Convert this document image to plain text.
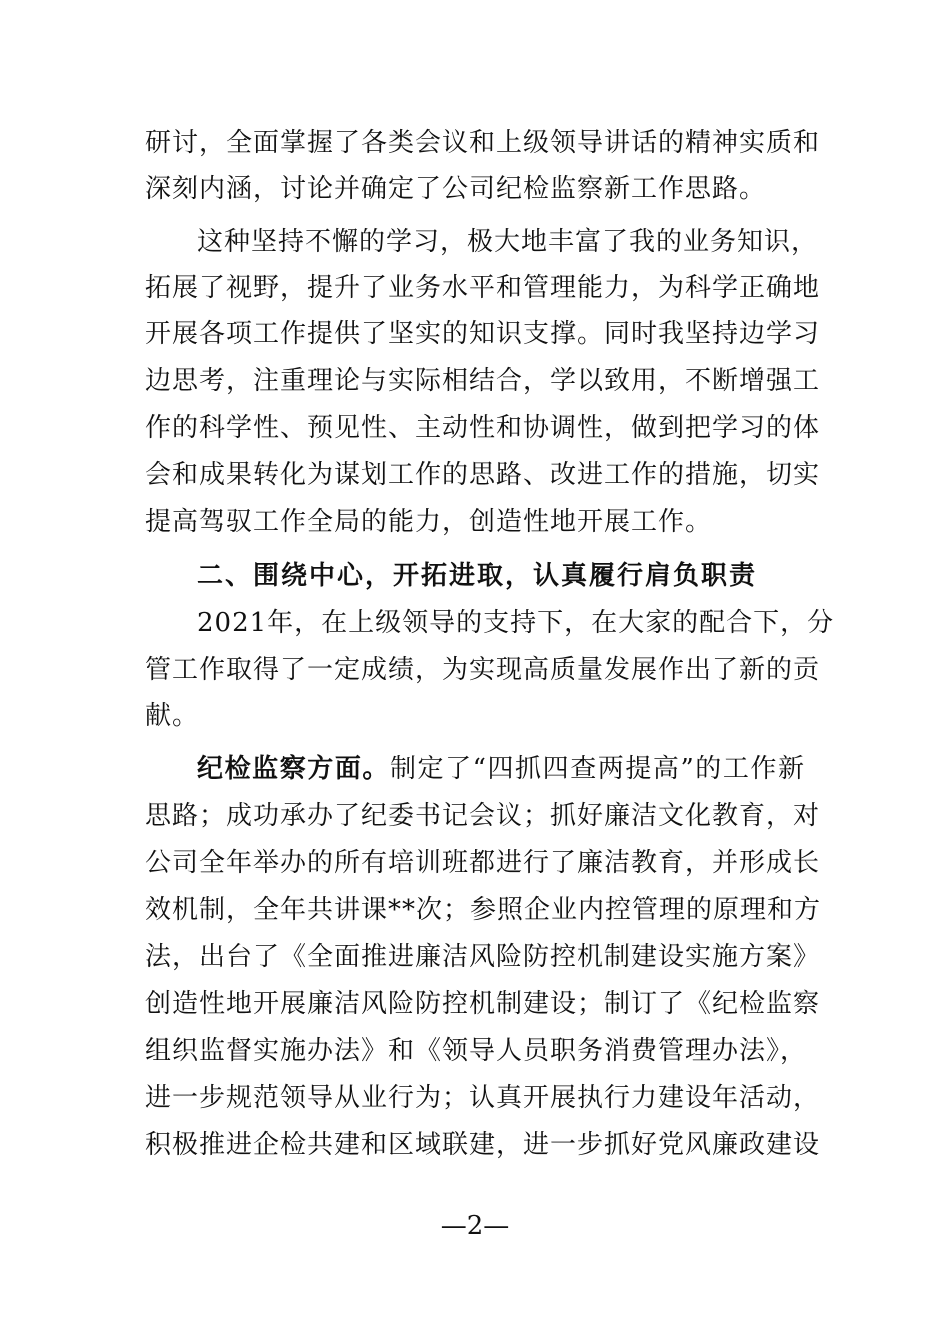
研讨，全面掌握了各类会议和上级领导讲话的精神实质和
深刻内涵，讨论并确定了公司纪检监察新工作思路。
这种坚持不懈的学习，极大地丰富了我的业务知识，
拓展了视野，提升了业务水平和管理能力，为科学正确地
开展各项工作提供了坚实的知识支撑。同时我坚持边学习
边思考，注重理论与实际相结合，学以致用，不断增强工
作的科学性、预见性、主动性和协调性，做到把学习的体
会和成果转化为谋划工作的思路、改进工作的措施，切实
提高驾驭工作全局的能力，创造性地开展工作。
二、围绕中心，开拓进取，认真履行肩负职责
2021年，在上级领导的支持下，在大家的配合下，分
管工作取得了一定成绩，为实现高质量发展作出了新的贡
献。
纪检监察方面。制定了“四抓四查两提高”的工作新
思路；成功承办了纪委书记会议；抓好廉洁文化教育，对
公司全年举办的所有培训班都进行了廉洁教育，并形成长
效机制，全年共讲课**次；参照企业内控管理的原理和方
法，出台了《全面推进廉洁风险防控机制建设实施方案》
创造性地开展廉洁风险防控机制建设；制订了《纪检监察
组织监督实施办法》和《领导人员职务消费管理办法》，
进一步规范领导从业行为；认真开展执行力建设年活动，
积极推进企检共建和区域联建，进一步抓好党风廉政建设
—2—
